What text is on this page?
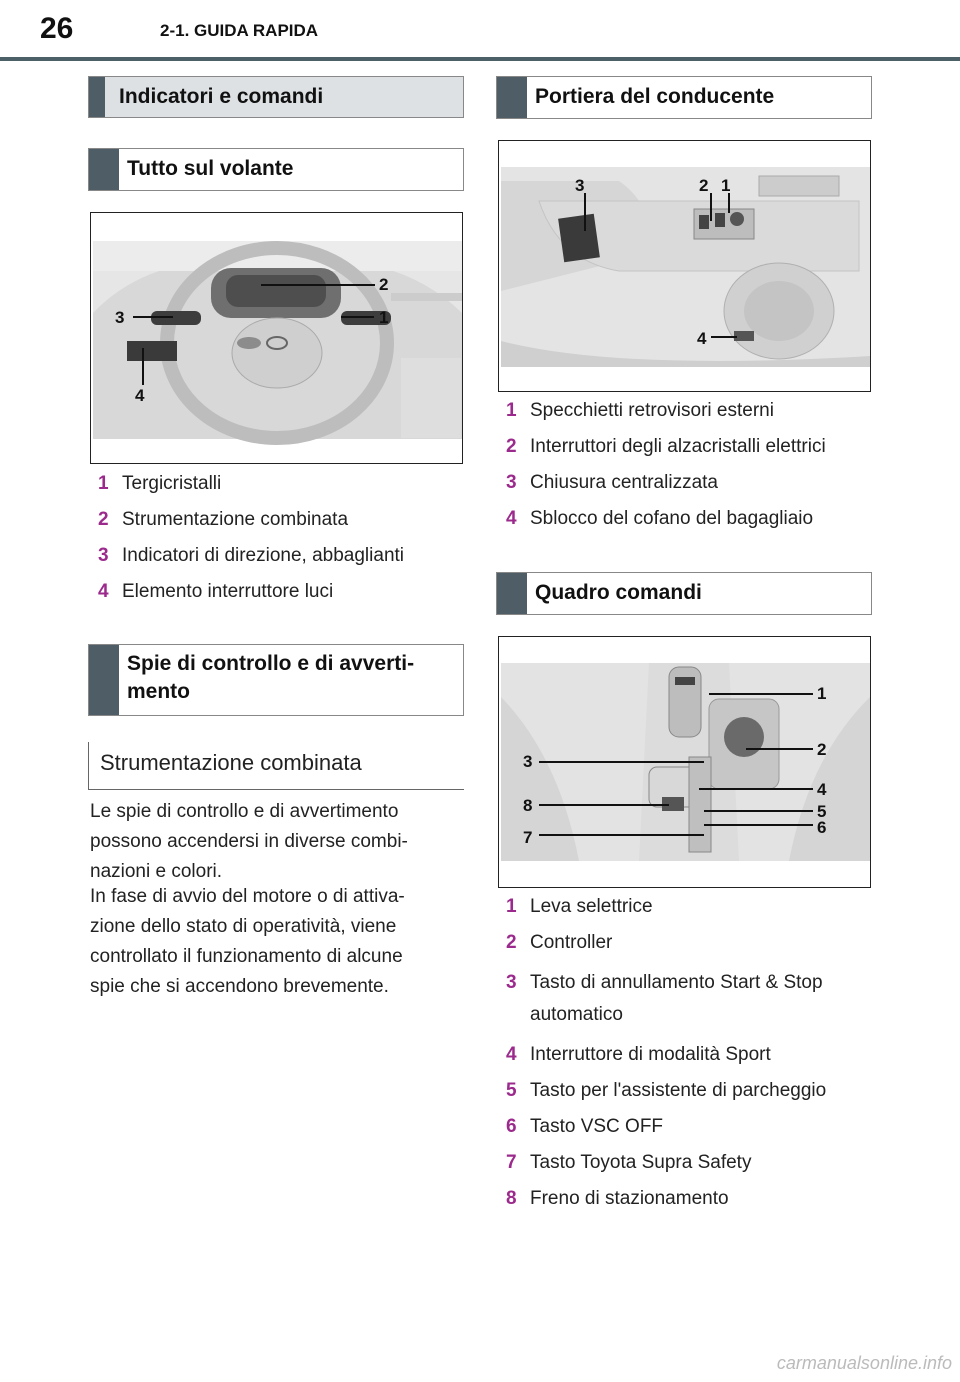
26	2-1. GUIDA RAPIDA
Indicatori e comandi
Tutto sul volante
2
1
3
4
1 Tergicristalli
2 Strumentazione combinata
3 Indicatori di direzione, abbaglianti
4 Elemento interruttore luci
Spie di controllo e di avverti-
mento
Strumentazione combinata
Le spie di controllo e di avvertimento
possono accendersi in diverse combi-
nazioni e colori.
In fase di avvio del motore o di attiva-
zione dello stato di operatività, viene
controllato il funzionamento di alcune
spie che si accendono brevemente.
Portiera del conducente
3	2 1
4
1 Specchietti retrovisori esterni
2 Interruttori degli alzacristalli elettrici
3 Chiusura centralizzata
4 Sblocco del cofano del bagagliaio
Quadro comandi
1
2
3
4
8	5
6
7
1 Leva selettrice
2 Controller
3 Tasto di annullamento Start & Stop
automatico
4 Interruttore di modalità Sport
5 Tasto per l'assistente di parcheggio
6 Tasto VSC OFF
7 Tasto Toyota Supra Safety
8 Freno di stazionamento
carmanualsonline.info
